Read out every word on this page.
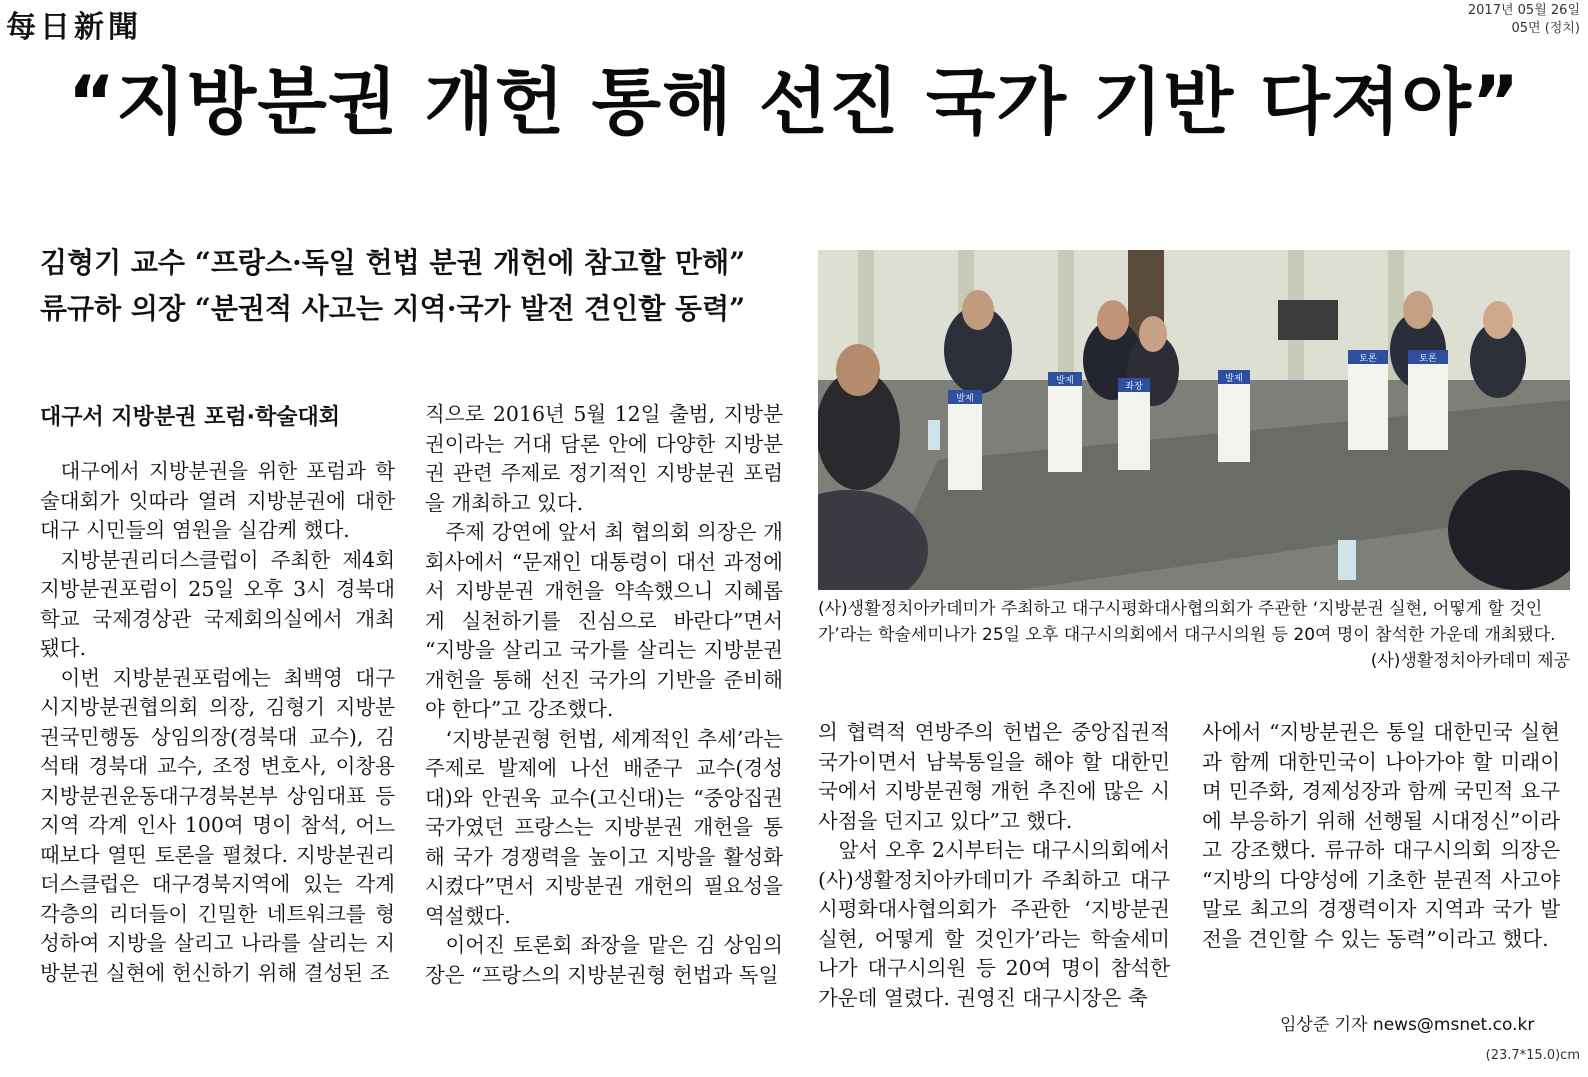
每日新聞	2017년 05월 26일
05면 (정치)
“지방분권 개헌 통해 선진 국가 기반 다져야”
김형기 교수 “프랑스·독일 헌법 분권 개헌에 참고할 만해”
류규하 의장 “분권적 사고는 지역·국가 발전 견인할 동력”
발제
발제
좌장
발제
토론	토론
(사)생활정치아카데미가 주최하고 대구시평화대사협의회가 주관한 ‘지방분권 실현, 어떻게 할 것인가’라는 학술세미나가 25일 오후 대구시의회에서 대구시의원 등 20여 명이 참석한 가운데 개최됐다.
(사)생활정치아카데미 제공
대구서 지방분권 포럼·학술대회

대구에서 지방분권을 위한 포럼과 학술대회가 잇따라 열려 지방분권에 대한 대구 시민들의 염원을 실감케 했다.

지방분권리더스클럽이 주최한 제4회 지방분권포럼이 25일 오후 3시 경북대학교 국제경상관 국제회의실에서 개최됐다.

이번 지방분권포럼에는 최백영 대구시지방분권협의회 의장, 김형기 지방분권국민행동 상임의장(경북대 교수), 김석태 경북대 교수, 조정 변호사, 이창용 지방분권운동대구경북본부 상임대표 등 지역 각계 인사 100여 명이 참석, 어느 때보다 열띤 토론을 펼쳤다. 지방분권리더스클럽은 대구경북지역에 있는 각계 각층의 리더들이 긴밀한 네트워크를 형성하여 지방을 살리고 나라를 살리는 지방분권 실현에 헌신하기 위해 결성된 조

직으로 2016년 5월 12일 출범, 지방분권이라는 거대 담론 안에 다양한 지방분권 관련 주제로 정기적인 지방분권 포럼을 개최하고 있다.

주제 강연에 앞서 최 협의회 의장은 개회사에서 “문재인 대통령이 대선 과정에서 지방분권 개헌을 약속했으니 지혜롭게 실천하기를 진심으로 바란다”면서 “지방을 살리고 국가를 살리는 지방분권 개헌을 통해 선진 국가의 기반을 준비해야 한다”고 강조했다.

‘지방분권형 헌법, 세계적인 추세’라는 주제로 발제에 나선 배준구 교수(경성대)와 안권욱 교수(고신대)는 “중앙집권국가였던 프랑스는 지방분권 개헌을 통해 국가 경쟁력을 높이고 지방을 활성화시켰다”면서 지방분권 개헌의 필요성을 역설했다.

이어진 토론회 좌장을 맡은 김 상임의장은 “프랑스의 지방분권형 헌법과 독일

의 협력적 연방주의 헌법은 중앙집권적 국가이면서 남북통일을 해야 할 대한민국에서 지방분권형 개헌 추진에 많은 시사점을 던지고 있다”고 했다.

앞서 오후 2시부터는 대구시의회에서 (사)생활정치아카데미가 주최하고 대구시평화대사협의회가 주관한 ‘지방분권 실현, 어떻게 할 것인가’라는 학술세미나가 대구시의원 등 20여 명이 참석한 가운데 열렸다. 권영진 대구시장은 축

사에서 “지방분권은 통일 대한민국 실현과 함께 대한민국이 나아가야 할 미래이며 민주화, 경제성장과 함께 국민적 요구에 부응하기 위해 선행될 시대정신”이라고 강조했다. 류규하 대구시의회 의장은 “지방의 다양성에 기초한 분권적 사고야말로 최고의 경쟁력이자 지역과 국가 발전을 견인할 수 있는 동력”이라고 했다.

임상준 기자 news@msnet.co.kr
(23.7*15.0)cm
